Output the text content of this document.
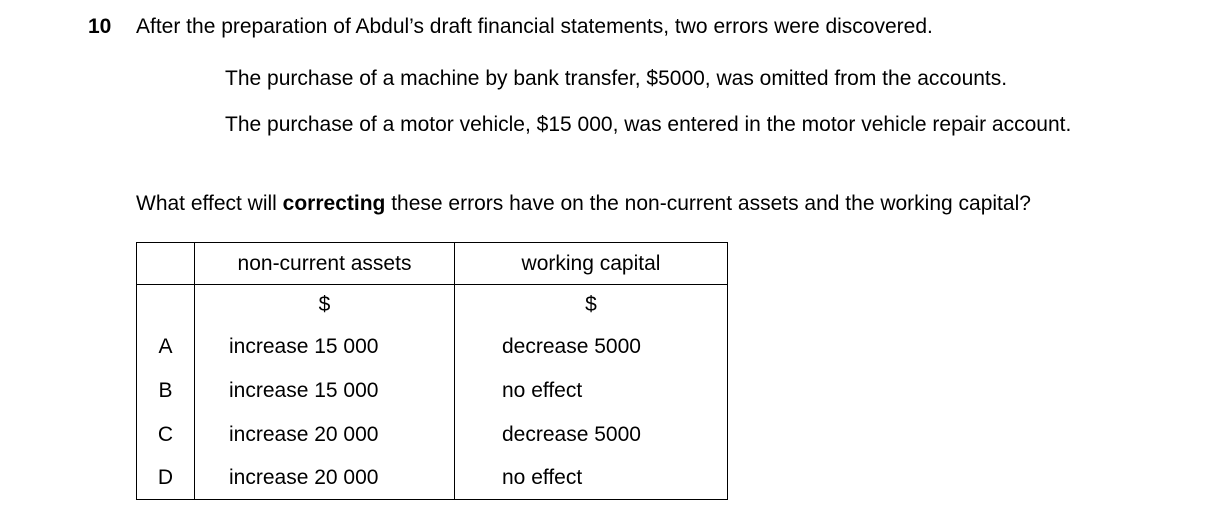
10 After the preparation of Abdul’s draft financial statements, two errors were discovered.
The purchase of a machine by bank transfer, $5000, was omitted from the accounts.
The purchase of a motor vehicle, $15 000, was entered in the motor vehicle repair account.
What effect will correcting these errors have on the non-current assets and the working capital?
	non-current assets	working capital
	$	$
A	increase 15 000	decrease 5000
B	increase 15 000	no effect
C	increase 20 000	decrease 5000
D	increase 20 000	no effect
